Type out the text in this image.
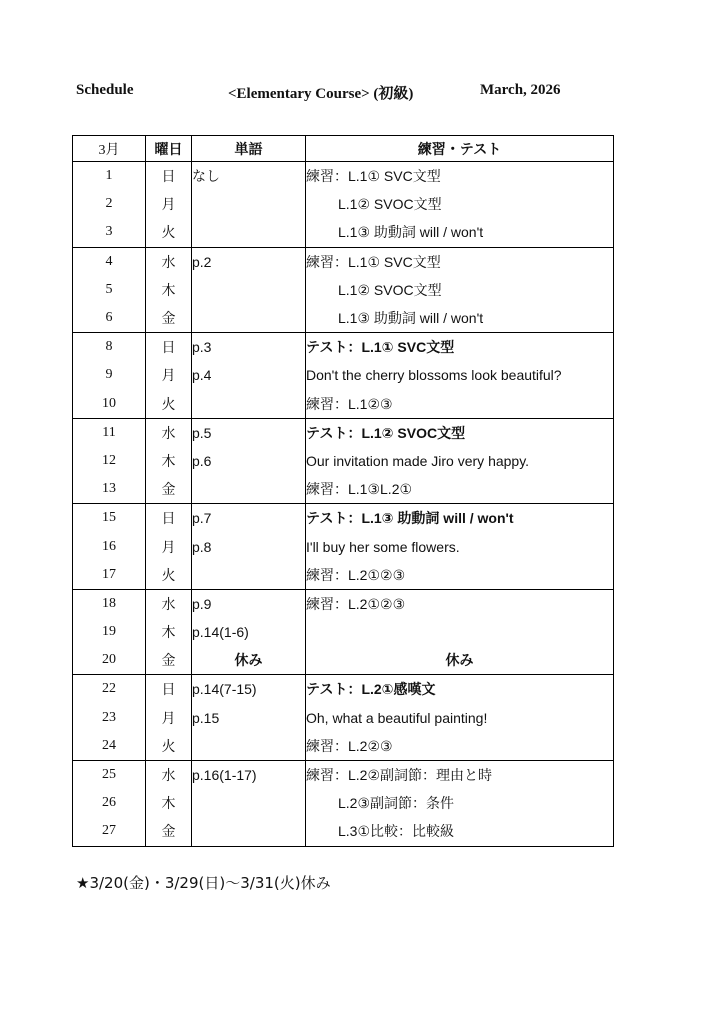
Schedule	<Elementary Course> (初級)	March, 2026
3月	曜日	単語	練習・テスト
1	日	なし	練習：L.1① SVC文型
2	月		L.1② SVOC文型
3	火		L.1③ 助動詞 will / won't
4	水	p.2	練習：L.1① SVC文型
5	木		L.1② SVOC文型
6	金		L.1③ 助動詞 will / won't
8	日	p.3	テスト：L.1① SVC文型
9	月	p.4	Don't the cherry blossoms look beautiful?
10	火		練習：L.1②③
11	水	p.5	テスト：L.1② SVOC文型
12	木	p.6	Our invitation made Jiro very happy.
13	金		練習：L.1③L.2①
15	日	p.7	テスト：L.1③ 助動詞 will / won't
16	月	p.8	I'll buy her some flowers.
17	火		練習：L.2①②③
18	水	p.9	練習：L.2①②③
19	木	p.14(1-6)	
20	金	休み	休み
22	日	p.14(7-15)	テスト：L.2①感嘆文
23	月	p.15	Oh, what a beautiful painting!
24	火		練習：L.2②③
25	水	p.16(1-17)	練習：L.2②副詞節：理由と時
26	木		L.2③副詞節：条件
27	金		L.3①比較：比較級
★3/20(金)・3/29(日)～3/31(火)休み
